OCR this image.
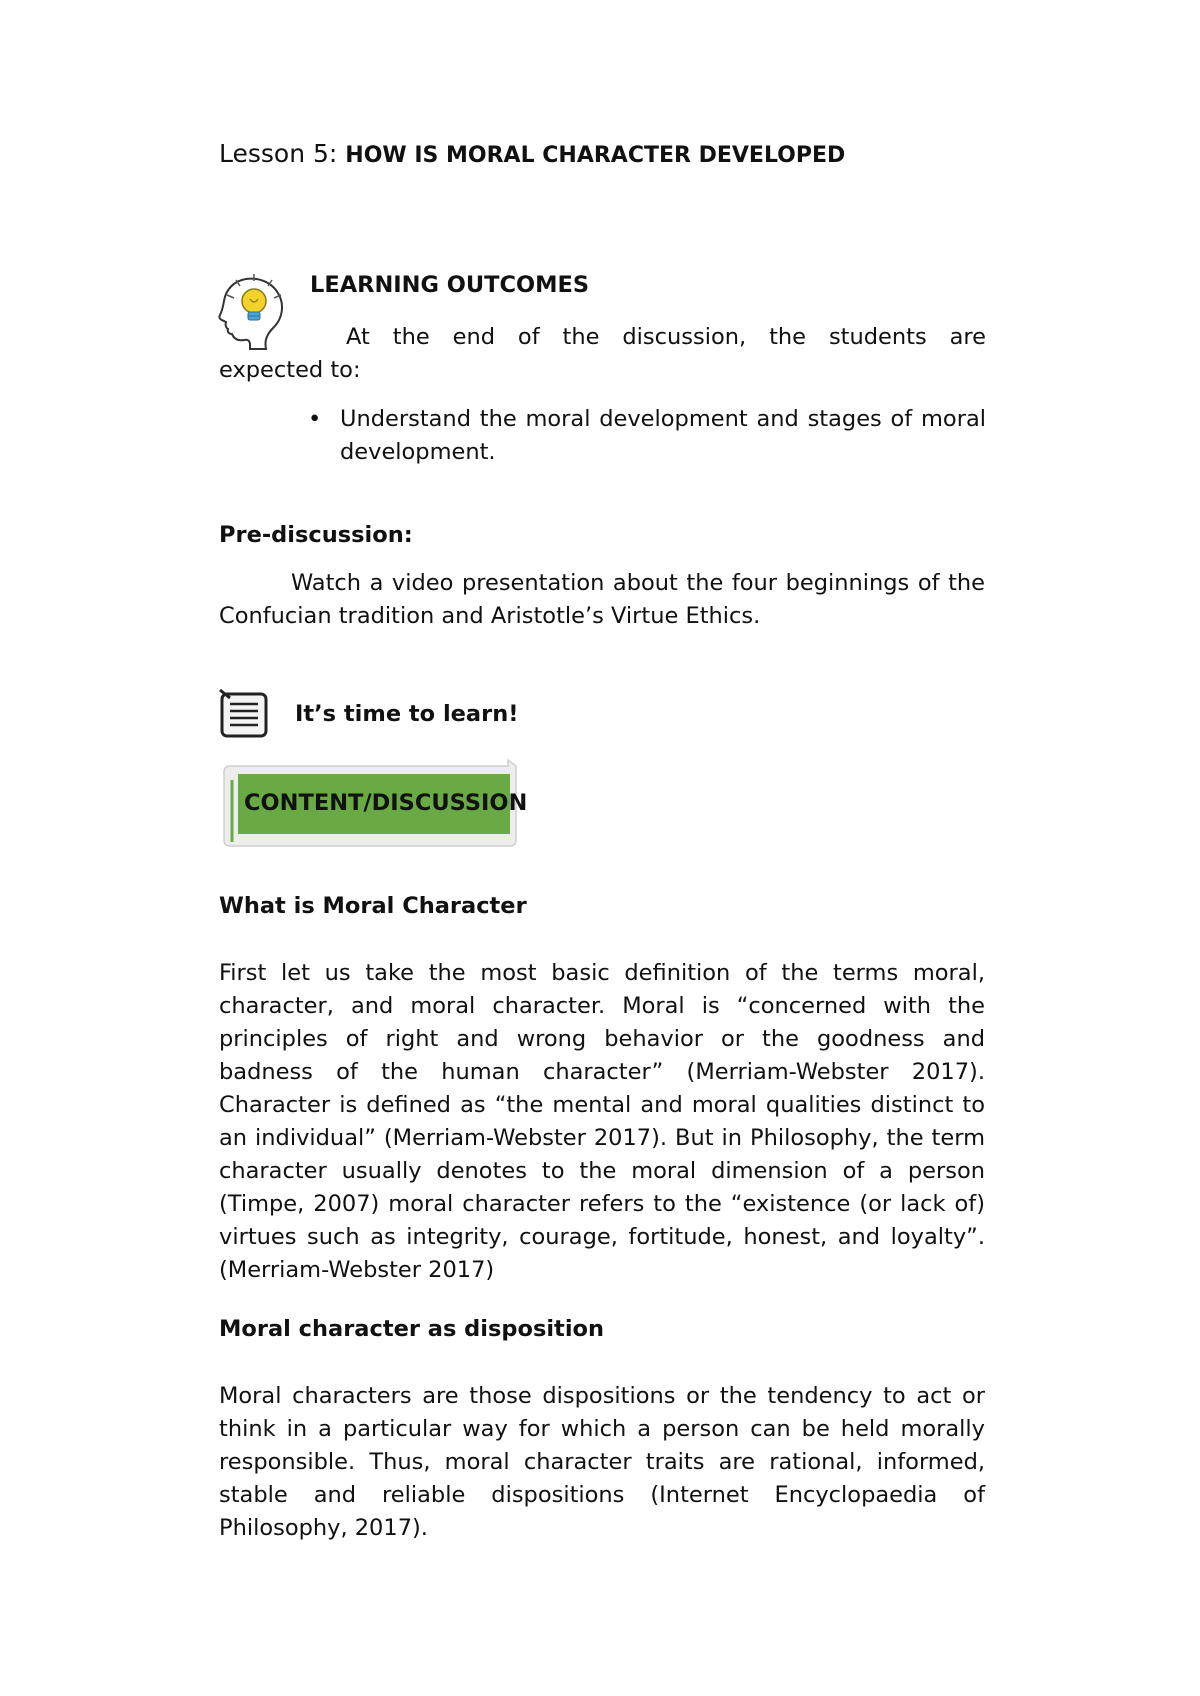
Lesson 5: HOW IS MORAL CHARACTER DEVELOPED
LEARNING OUTCOMES
At the end of the discussion, the students are
expected to:
• Understand the moral development and stages of moral development.
Pre-discussion:
Watch a video presentation about the four beginnings of the Confucian tradition and Aristotle’s Virtue Ethics.
It’s time to learn!
CONTENT/DISCUSSION
What is Moral Character
First let us take the most basic definition of the terms moral, character, and moral character. Moral is “concerned with the principles of right and wrong behavior or the goodness and badness of the human character” (Merriam-Webster 2017). Character is defined as “the mental and moral qualities distinct to an individual” (Merriam-Webster 2017). But in Philosophy, the term character usually denotes to the moral dimension of a person (Timpe, 2007) moral character refers to the “existence (or lack of) virtues such as integrity, courage, fortitude, honest, and loyalty”. (Merriam-Webster 2017)
Moral character as disposition
Moral characters are those dispositions or the tendency to act or think in a particular way for which a person can be held morally responsible. Thus, moral character traits are rational, informed, stable and reliable dispositions (Internet Encyclopaedia of Philosophy, 2017).
